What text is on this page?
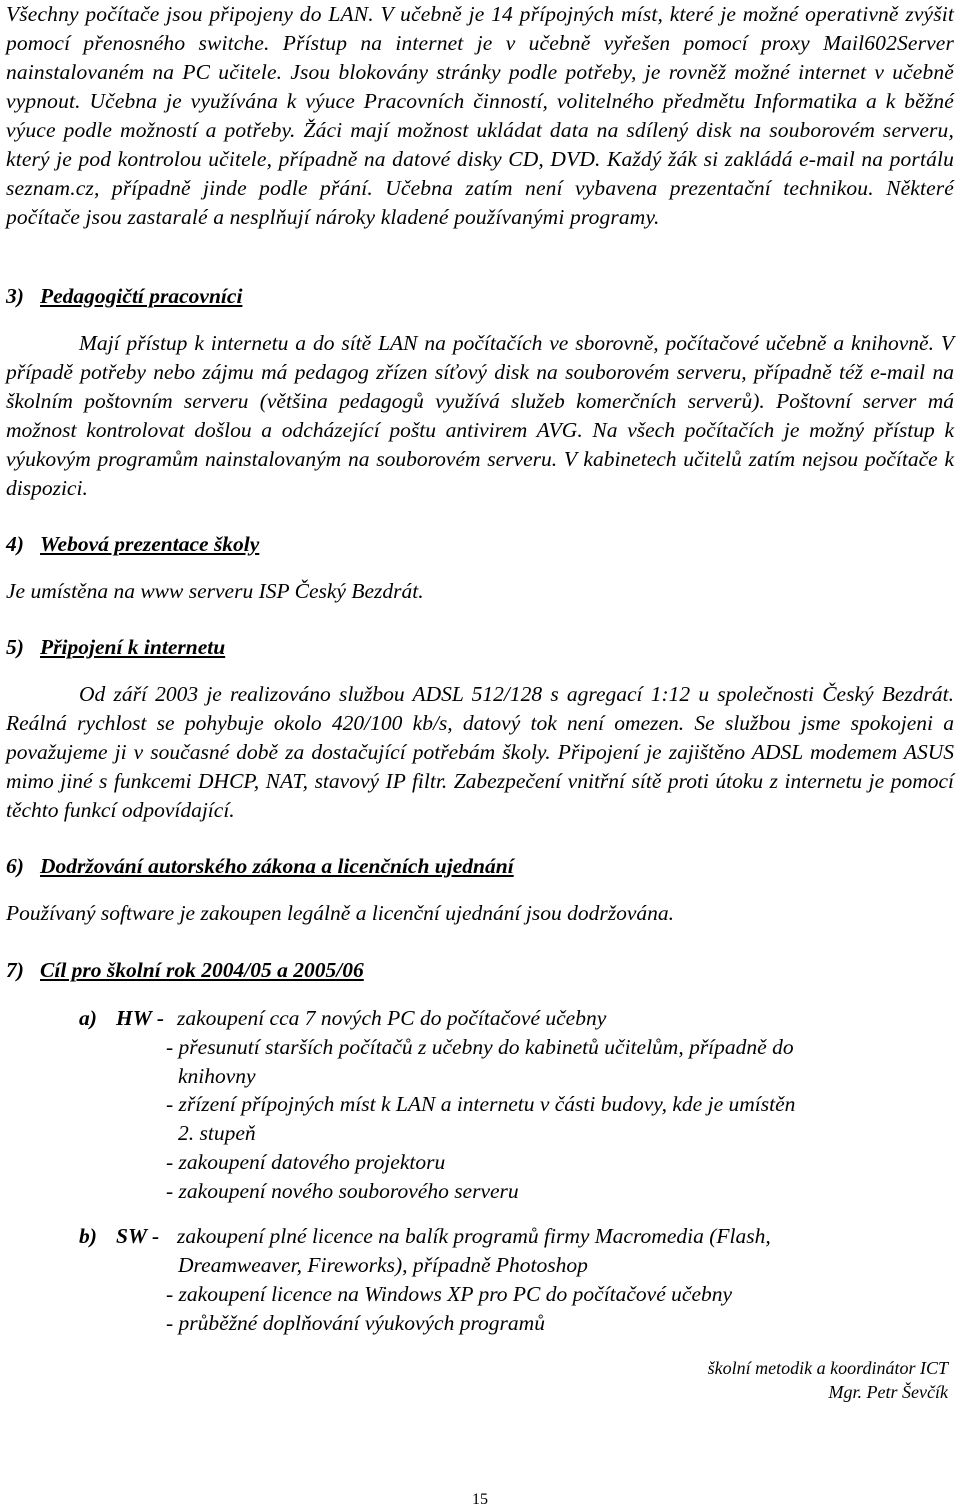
Všechny počítače jsou připojeny do LAN. V učebně je 14 přípojných míst, které je možné operativně zvýšit pomocí přenosného switche. Přístup na internet je v učebně vyřešen pomocí proxy Mail602Server nainstalovaném na PC učitele. Jsou blokovány stránky podle potřeby, je rovněž možné internet v učebně vypnout. Učebna je využívána k výuce Pracovních činností, volitelného předmětu Informatika a k běžné výuce podle možností a potřeby. Žáci mají možnost ukládat data na sdílený disk na souborovém serveru, který je pod kontrolou učitele, případně na datové disky CD, DVD. Každý žák si zakládá e-mail na portálu seznam.cz, případně jinde podle přání. Učebna zatím není vybavena prezentační technikou. Některé počítače jsou zastaralé a nesplňují nároky kladené používanými programy.

3) Pedagogičtí pracovníci

Mají přístup k internetu a do sítě LAN na počítačích ve sborovně, počítačové učebně a knihovně. V případě potřeby nebo zájmu má pedagog zřízen síťový disk na souborovém serveru, případně též e-mail na školním poštovním serveru (většina pedagogů využívá služeb komerčních serverů). Poštovní server má možnost kontrolovat došlou a odcházející poštu antivirem AVG. Na všech počítačích je možný přístup k výukovým programům nainstalovaným na souborovém serveru. V kabinetech učitelů zatím nejsou počítače k dispozici.

4) Webová prezentace školy

Je umístěna na www serveru ISP Český Bezdrát.

5) Připojení k internetu

Od září 2003 je realizováno službou ADSL 512/128 s agregací 1:12 u společnosti Český Bezdrát. Reálná rychlost se pohybuje okolo 420/100 kb/s, datový tok není omezen. Se službou jsme spokojeni a považujeme ji v současné době za dostačující potřebám školy. Připojení je zajištěno ADSL modemem ASUS mimo jiné s funkcemi DHCP, NAT, stavový IP filtr. Zabezpečení vnitřní sítě proti útoku z internetu je pomocí těchto funkcí odpovídající.

6) Dodržování autorského zákona a licenčních ujednání

Používaný software je zakoupen legálně a licenční ujednání jsou dodržována.

7) Cíl pro školní rok 2004/05 a 2005/06
a) HW - zakoupení cca 7 nových PC do počítačové učebny
- přesunutí starších počítačů z učebny do kabinetů učitelům, případně do
knihovny
- zřízení přípojných míst k LAN a internetu v části budovy, kde je umístěn
2. stupeň
- zakoupení datového projektoru
- zakoupení nového souborového serveru
b) SW - zakoupení plné licence na balík programů firmy Macromedia (Flash,
Dreamweaver, Fireworks), případně Photoshop
- zakoupení licence na Windows XP pro PC do počítačové učebny
- průběžné doplňování výukových programů
školní metodik a koordinátor ICT
Mgr. Petr Ševčík
15
